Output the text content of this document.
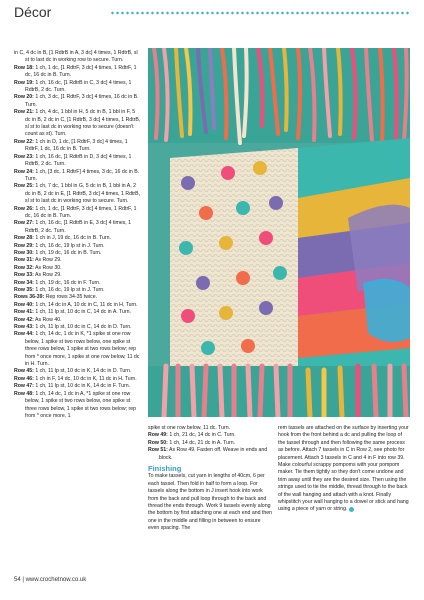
Décor

in C, 4 dc in B, [1 RdtrB in A, 3 dc] 4 times, 1 RdtrB, sl st to last dc in working row to secure. Turn.

Row 18: 1 ch, 1 dc, [1 RdtrF, 3 dc] 4 times, 1 RdtrF, 1 dc, 16 dc in B. Turn.

Row 19: 1 ch, 16 dc, [1 RdtrB in C, 3 dc] 4 times, 1 RdtrB, 2 dc. Turn.

Row 20: 1 ch, 3 dc, [1 RdtrF, 3 dc] 4 times, 16 dc in B. Turn.

Row 21: 1 ch, 4 dc, 1 bbl in H, 5 dc in B, 1 bbl in F, 5 dc in B, 2 dc in C, [1 RdtrB, 3 dc] 4 times, 1 RdtrB, sl st to last dc in working row to secure (doesn't count as st). Turn.

Row 22: 1 ch in D, 1 dc, [1 RdtrF, 3 dc] 4 times, 1 RdtrF, 1 dc, 16 dc in B. Turn.

Row 23: 1 ch, 16 dc, [1 RdtrB in D, 3 dc] 4 times, 1 RdtrB, 2 dc. Turn.

Row 24: 1 ch, [3 dc, 1 RdtrF] 4 times, 3 dc, 16 dc in B. Turn.

Row 25: 1 ch, 7 dc, 1 bbl in G, 5 dc in B, 1 bbl in A, 2 dc in B, 2 dc in E, [1 RdtrB, 3 dc] 4 times, 1 RdtrB, sl st to last dc in working row to secure. Turn.

Row 26: 1 ch, 1 dc, [1 RdtrF, 3 dc] 4 times, 1 RdtrF, 1 dc, 16 dc in B. Turn.

Row 27: 1 ch, 16 dc, [1 RdtrB in E, 3 dc] 4 times, 1 RdtrB, 2 dc. Turn.

Row 28: 1 ch in J, 19 dc, 16 dc in B. Turn.

Row 29: 1 ch, 16 dc, 19 lp st in J. Turn.

Row 30: 1 ch, 19 dc, 16 dc in B. Turn.

Row 31: As Row 29.

Row 32: As Row 30.

Row 33: As Row 29.

Row 34: 1 ch, 19 dc, 16 dc in F. Turn.

Row 35: 1 ch, 16 dc, 19 lp st in J. Turn.

Rows 36-39: Rep rows 34-35 twice.

Row 40: 1 ch, 14 dc in A, 10 dc in C, 11 dc in H. Turn.

Row 41: 1 ch, 11 lp st, 10 dc in C, 14 dc in A. Turn.

Row 42: As Row 40.

Row 43: 1 ch, 11 lp st, 10 dc in C, 14 dc in D. Turn.

Row 44: 1 ch, 14 dc, 1 dc in K, *1 spike st one row below, 1 spike st two rows below, one spike st three rows below, 1 spike st two rows below; rep from * once more, 1 spike st one row below, 11 dc in H. Turn.

Row 45: 1 ch, 11 lp st, 10 dc in K, 14 dc in D. Turn.

Row 46: 1 ch in F, 14 dc, 10 dc in K, 11 dc in H. Turn.

Row 47: 1 ch, 11 lp st, 10 dc in K, 14 dc in F. Turn.

Row 48: 1 ch, 14 dc, 1 dc in A, *1 spike st one row below, 1 spike st two rows below, one spike st three rows below, 1 spike st two rows below; rep from * once more, 1

spike st one row below, 11 dc. Turn.

Row 49: 1 ch, 21 dc, 14 dc in C. Turn.

Row 50: 1 ch, 14 dc, 21 dc in A. Turn.

Row 51: As Row 49. Fasten off. Weave in ends and block.

Finishing

To make tassels, cut yarn in lengths of 40cm, 6 per each tassel. Then fold in half to form a loop. For tassels along the bottom in J insert hook into work from the back and pull loop through to the back and thread the ends through. Work 9 tassels evenly along the bottom by first attaching one at each end and then one in the middle and filling in between to ensure even spacing. The

rem tassels are attached on the surface by inserting your hook from the front behind a dc and pulling the loop of the tassel through and then following the same process as before. Attach 7 tassels in C in Row 2, see photo for placement. Attach 3 tassels in C and 4 in F into row 39. Make colourful scrappy pompoms with your pompom maker. Tie them tightly so they don't come undone and trim away until they are the desired size. Then using the strings used to tie the middle, thread through to the back of the wall hanging and attach with a knot. Finally whipstitch your wall hanging to a dowel or stick and hang using a piece of yarn or string.

54 | www.crochetnow.co.uk
